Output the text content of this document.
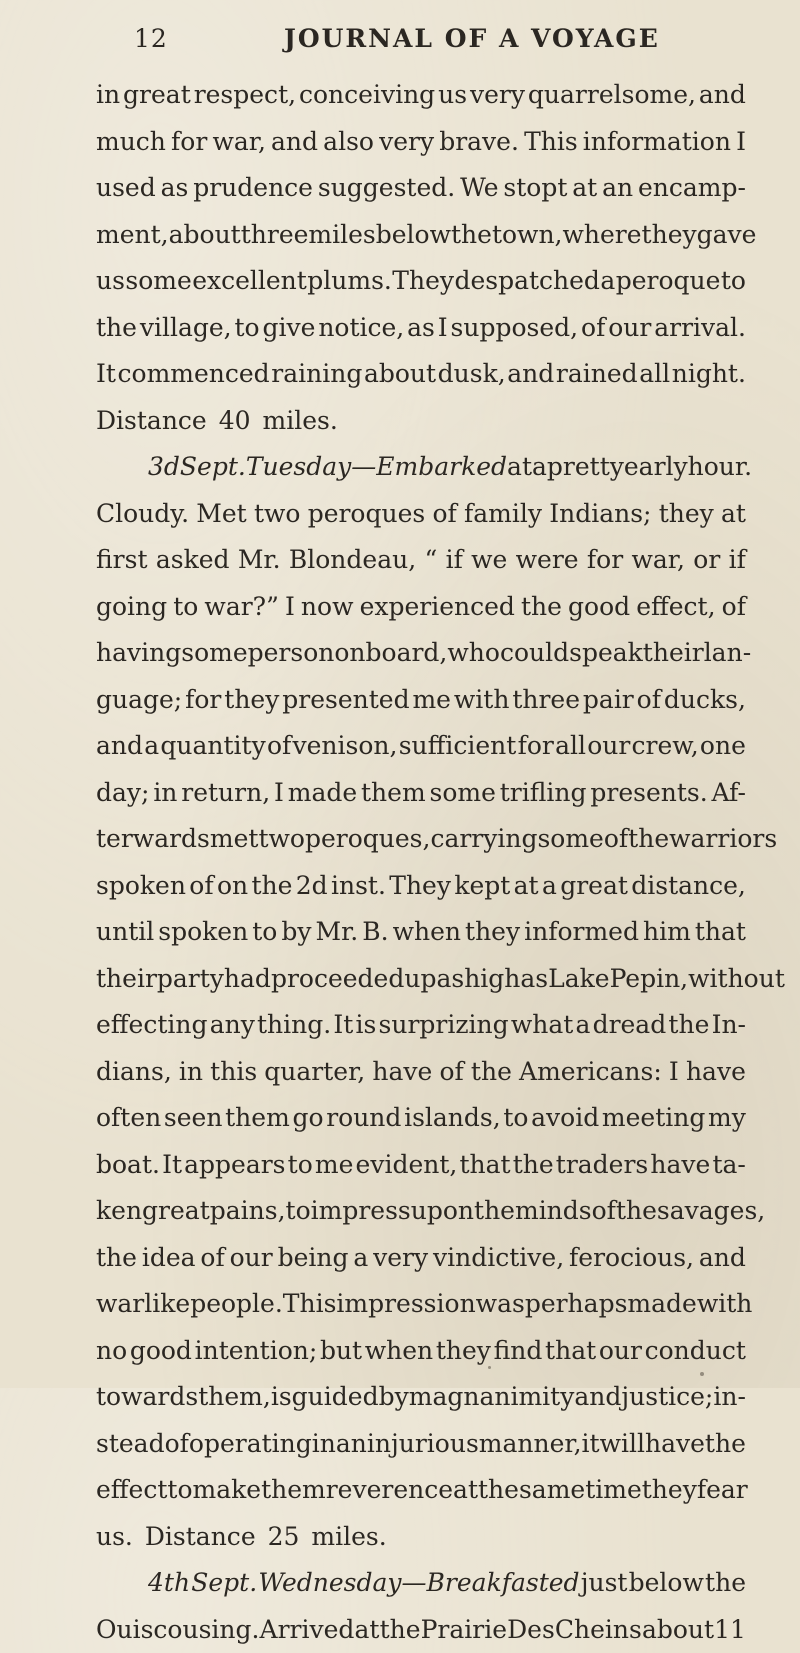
12	JOURNAL OF A VOYAGE
in great respect, conceiving us very quarrelsome, and
much for war, and also very brave. This information I
used as prudence suggested. We stopt at an encamp-
ment, about three miles below the town, where they gave
us some excellent plums. They despatched a peroque to
the village, to give notice, as I supposed, of our arrival.
It commenced raining about dusk, and rained all night.
Distance 40 miles.
3d Sept. Tuesday—Embarked at a pretty early hour.
Cloudy. Met two peroques of family Indians; they at
first asked Mr. Blondeau, “ if we were for war, or if
going to war?” I now experienced the good effect, of
having some person on board, who could speak their lan-
guage; for they presented me with three pair of ducks,
and a quantity of venison, sufficient for all our crew, one
day; in return, I made them some trifling presents. Af-
terwards met two peroques, carrying some of the warriors
spoken of on the 2d inst. They kept at a great distance,
until spoken to by Mr. B. when they informed him that
their party had proceeded up as high as Lake Pepin, without
effecting any thing. It is surprizing what a dread the In-
dians, in this quarter, have of the Americans: I have
often seen them go round islands, to avoid meeting my
boat. It appears to me evident, that the traders have ta-
ken great pains, to impress upon the minds of the savages,
the idea of our being a very vindictive, ferocious, and
warlike people. This impression was perhaps made with
no good intention; but when they find that our conduct
towards them, is guided by magnanimity and justice; in-
stead of operating in an injurious manner, it will have the
effect to make them reverence at the same time they fear
us. Distance 25 miles.
4th Sept. Wednesday—Breakfasted just below the
Ouiscousing. Arrived at the Prairie Des Cheins about 11
